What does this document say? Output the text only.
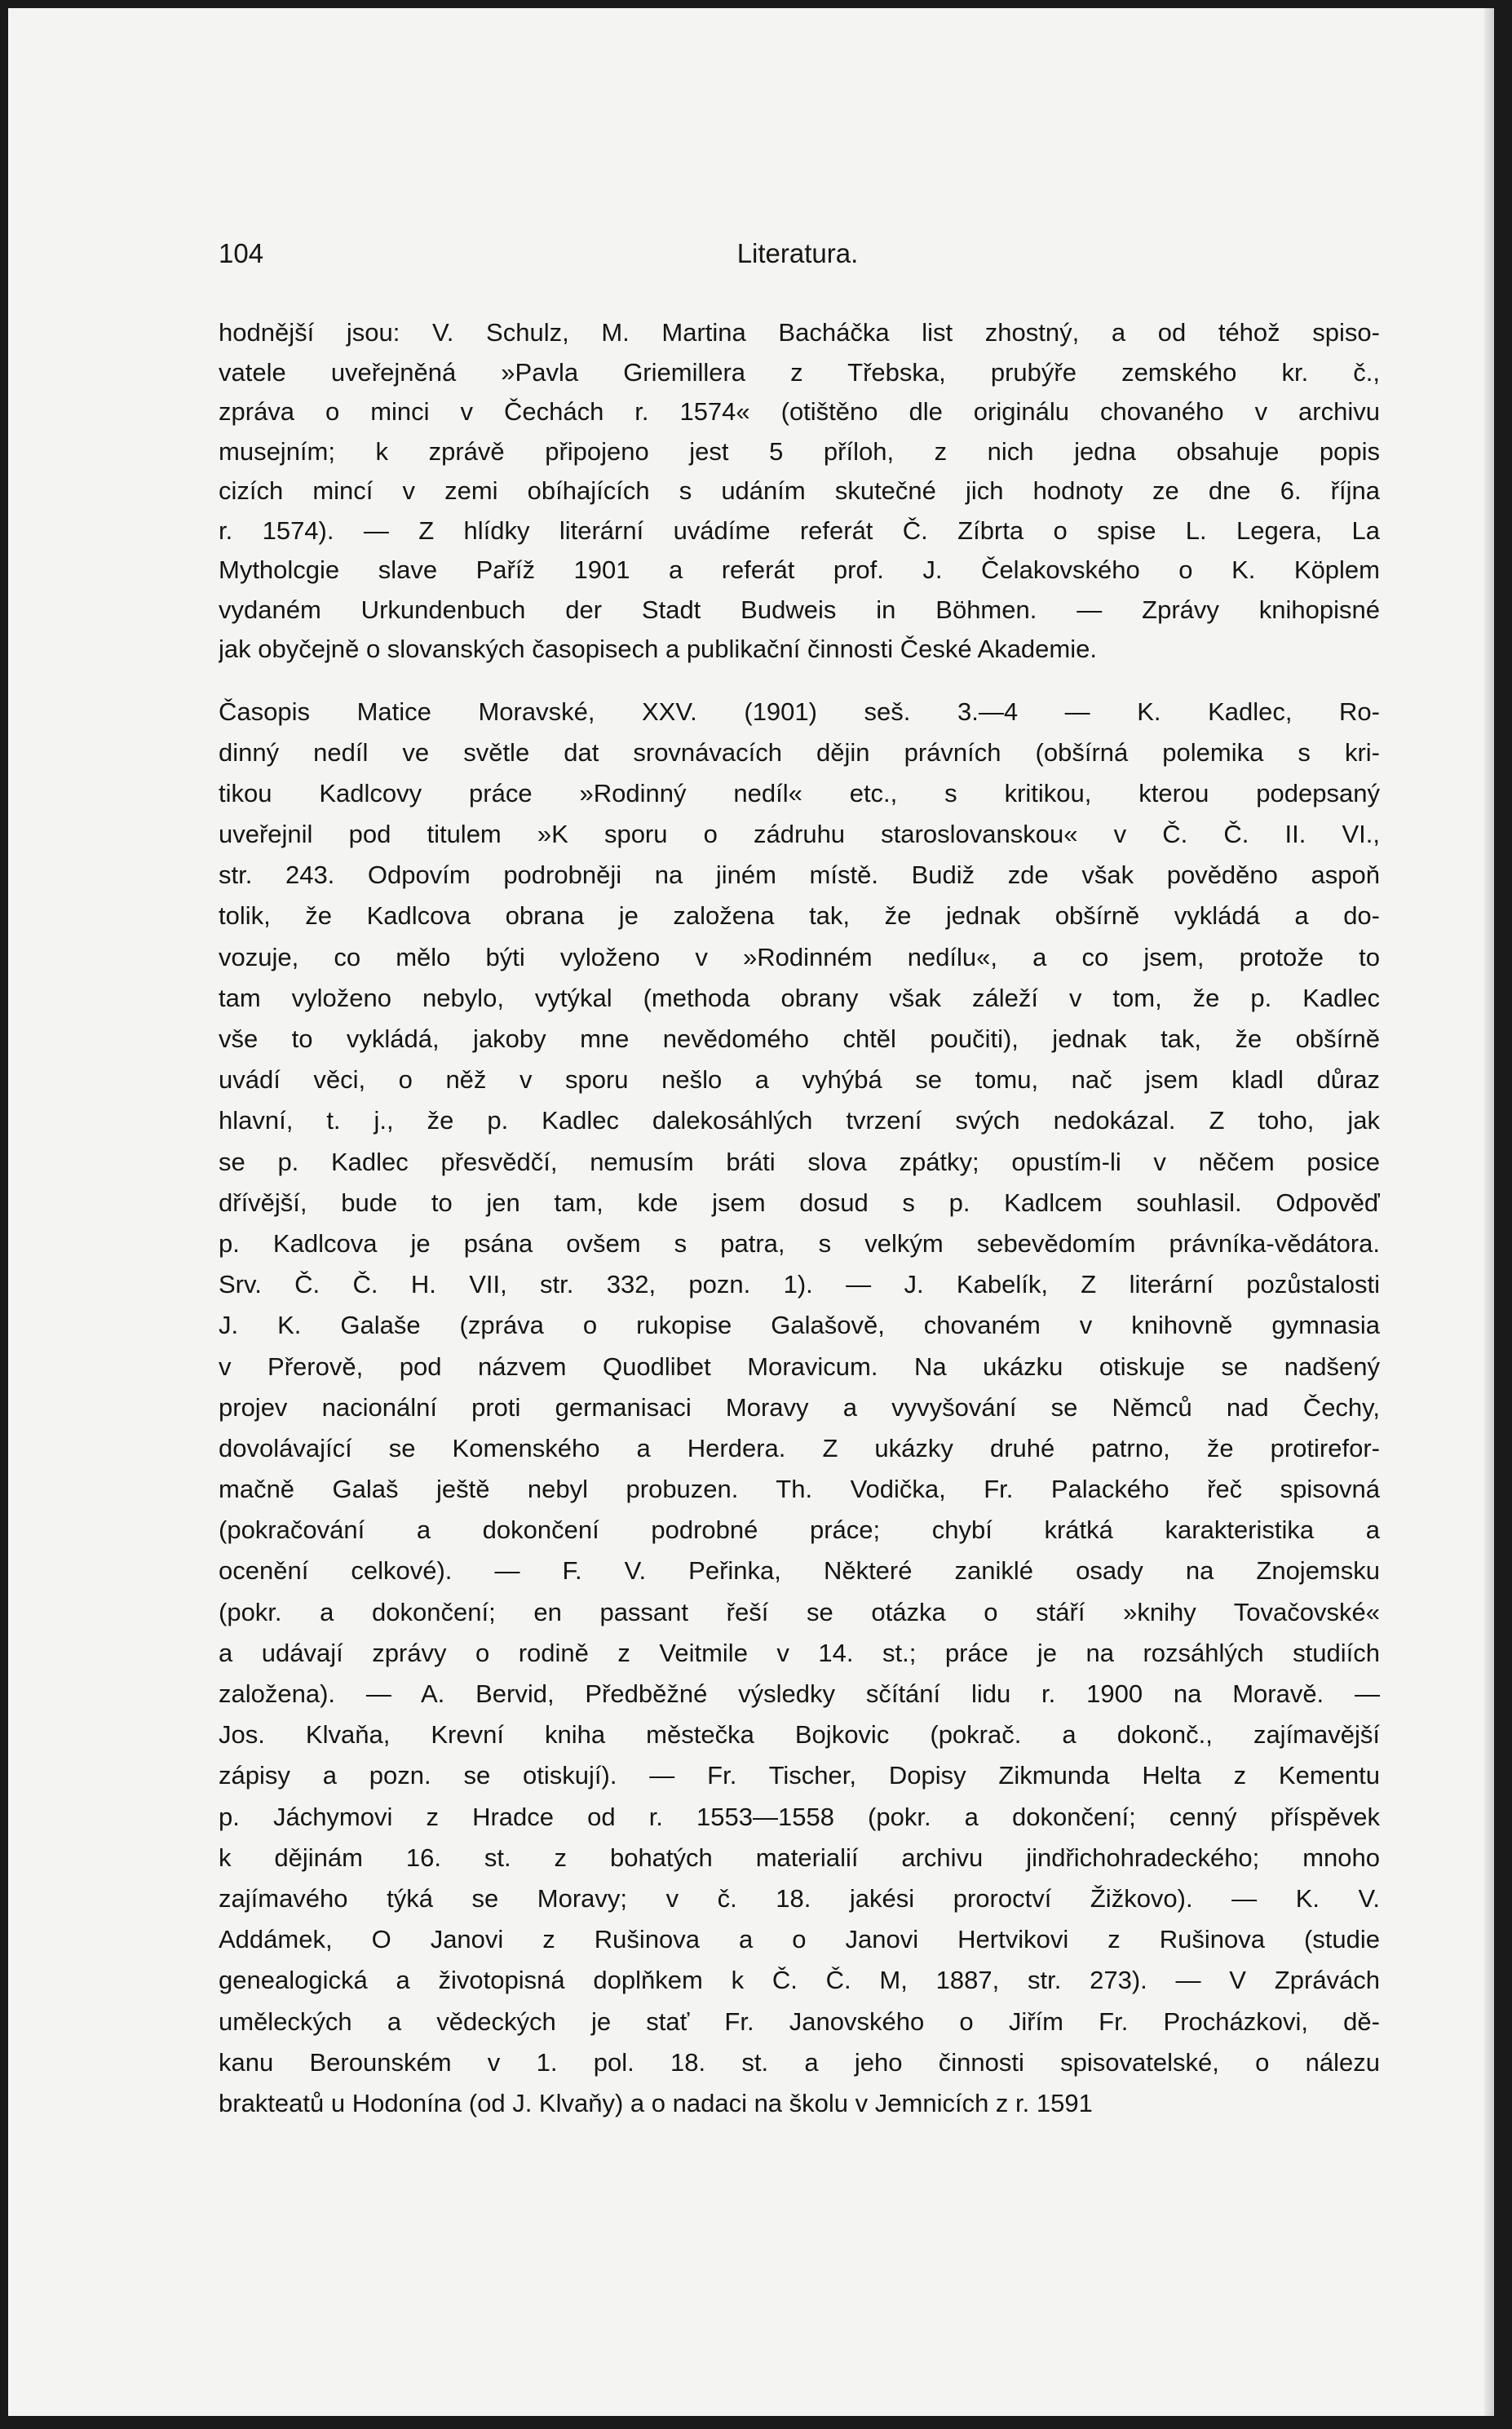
104	Literatura.
hodnější jsou: V. Schulz, M. Martina Bacháčka list zhostný, a od téhož spiso-
vatele uveřejněná »Pavla Griemillera z Třebska, prubýře zemského kr. č.,
zpráva o minci v Čechách r. 1574« (otištěno dle originálu chovaného v archivu
musejním; k zprávě připojeno jest 5 příloh, z nich jedna obsahuje popis
cizích mincí v zemi obíhajících s udáním skutečné jich hodnoty ze dne 6. října
r. 1574). — Z hlídky literární uvádíme referát Č. Zíbrta o spise L. Legera, La
Mytholcgie slave Paříž 1901 a referát prof. J. Čelakovského o K. Köplem
vydaném Urkundenbuch der Stadt Budweis in Böhmen. — Zprávy knihopisné
jak obyčejně o slovanských časopisech a publikační činnosti České Akademie.
Časopis Matice Moravské, XXV. (1901) seš. 3.—4 — K. Kadlec, Ro-
dinný nedíl ve světle dat srovnávacích dějin právních (obšírná polemika s kri-
tikou Kadlcovy práce »Rodinný nedíl« etc., s kritikou, kterou podepsaný
uveřejnil pod titulem »K sporu o zádruhu staroslovanskou« v Č. Č. II. VI.,
str. 243. Odpovím podrobněji na jiném místě. Budiž zde však pověděno aspoň
tolik, že Kadlcova obrana je založena tak, že jednak obšírně vykládá a do-
vozuje, co mělo býti vyloženo v »Rodinném nedílu«, a co jsem, protože to
tam vyloženo nebylo, vytýkal (methoda obrany však záleží v tom, že p. Kadlec
vše to vykládá, jakoby mne nevědomého chtěl poučiti), jednak tak, že obšírně
uvádí věci, o něž v sporu nešlo a vyhýbá se tomu, nač jsem kladl důraz
hlavní, t. j., že p. Kadlec dalekosáhlých tvrzení svých nedokázal. Z toho, jak
se p. Kadlec přesvědčí, nemusím bráti slova zpátky; opustím-li v něčem posice
dřívější, bude to jen tam, kde jsem dosud s p. Kadlcem souhlasil. Odpověď
p. Kadlcova je psána ovšem s patra, s velkým sebevědomím právníka-vědátora.
Srv. Č. Č. H. VII, str. 332, pozn. 1). — J. Kabelík, Z literární pozůstalosti
J. K. Galaše (zpráva o rukopise Galašově, chovaném v knihovně gymnasia
v Přerově, pod názvem Quodlibet Moravicum. Na ukázku otiskuje se nadšený
projev nacionální proti germanisaci Moravy a vyvyšování se Němců nad Čechy,
dovolávající se Komenského a Herdera. Z ukázky druhé patrno, že protirefor-
mačně Galaš ještě nebyl probuzen. Th. Vodička, Fr. Palackého řeč spisovná
(pokračování a dokončení podrobné práce; chybí krátká karakteristika a
ocenění celkové). — F. V. Peřinka, Některé zaniklé osady na Znojemsku
(pokr. a dokončení; en passant řeší se otázka o stáří »knihy Tovačovské«
a udávají zprávy o rodině z Veitmile v 14. st.; práce je na rozsáhlých studiích
založena). — A. Bervid, Předběžné výsledky sčítání lidu r. 1900 na Moravě. —
Jos. Klvaňa, Krevní kniha městečka Bojkovic (pokrač. a dokonč., zajímavější
zápisy a pozn. se otiskují). — Fr. Tischer, Dopisy Zikmunda Helta z Kementu
p. Jáchymovi z Hradce od r. 1553—1558 (pokr. a dokončení; cenný příspěvek
k dějinám 16. st. z bohatých materialií archivu jindřichohradeckého; mnoho
zajímavého týká se Moravy; v č. 18. jakési proroctví Žižkovo). — K. V.
Addámek, O Janovi z Rušinova a o Janovi Hertvikovi z Rušinova (studie
genealogická a životopisná doplňkem k Č. Č. M, 1887, str. 273). — V Zprávách
uměleckých a vědeckých je stať Fr. Janovského o Jiřím Fr. Procházkovi, dě-
kanu Berounském v 1. pol. 18. st. a jeho činnosti spisovatelské, o nálezu
brakteatů u Hodonína (od J. Klvaňy) a o nadaci na školu v Jemnicích z r. 1591
